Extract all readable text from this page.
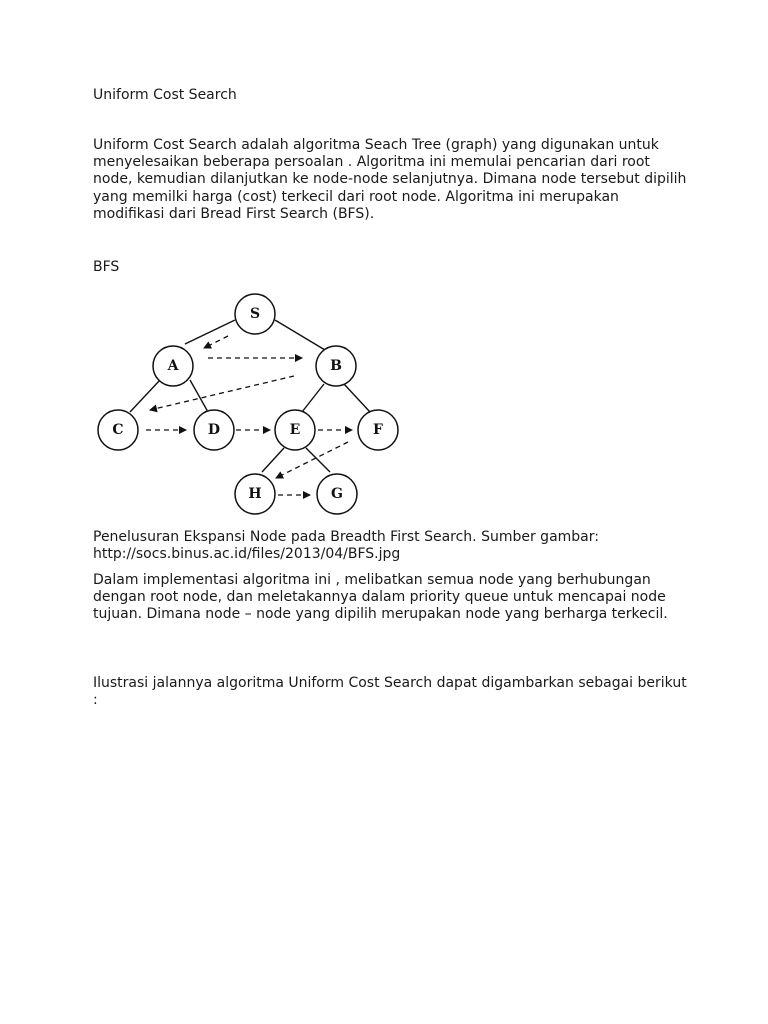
Uniform Cost Search

Uniform Cost Search adalah algoritma Seach Tree (graph) yang digunakan untuk menyelesaikan beberapa persoalan . Algoritma ini memulai pencarian dari root node, kemudian dilanjutkan ke node-node selanjutnya. Dimana node tersebut dipilih yang memilki harga (cost) terkecil dari root node. Algoritma ini merupakan modifikasi dari Bread First Search (BFS).

BFS

S
A	B
C	D	E	F
H	G

Penelusuran Ekspansi Node pada Breadth First Search. Sumber gambar: http://socs.binus.ac.id/files/2013/04/BFS.jpg

Dalam implementasi algoritma ini , melibatkan semua node yang berhubungan dengan root node, dan meletakannya dalam priority queue untuk mencapai node tujuan. Dimana node – node yang dipilih merupakan node yang berharga terkecil.

Ilustrasi jalannya algoritma Uniform Cost Search dapat digambarkan sebagai berikut :
